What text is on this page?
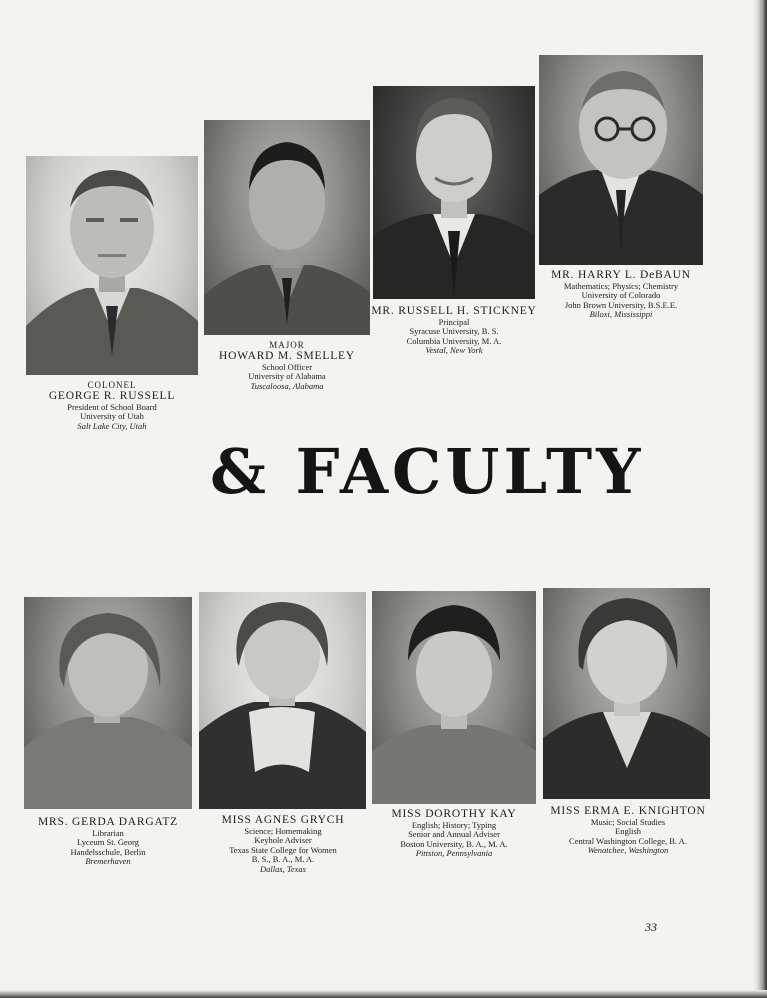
COLONEL
GEORGE R. RUSSELL
President of School Board
University of Utah
Salt Lake City, Utah
MAJOR
HOWARD M. SMELLEY
School Officer
University of Alabama
Tuscaloosa, Alabama
MR. RUSSELL H. STICKNEY
Principal
Syracuse University, B. S.
Columbia University, M. A.
Vestal, New York
MR. HARRY L. DeBAUN
Mathematics; Physics; Chemistry
University of Colorado
John Brown University, B.S.E.E.
Biloxi, Mississippi
& FACULTY
MRS. GERDA DARGATZ
Librarian
Lyceum St. Georg
Handelsschule, Berlin
Bremerhaven
MISS AGNES GRYCH
Science; Homemaking
Keyhole Adviser
Texas State College for Women
B. S., B. A., M. A.
Dallas, Texas
MISS DOROTHY KAY
English; History; Typing
Senior and Annual Adviser
Boston University, B. A., M. A.
Pittston, Pennsylvania
MISS ERMA E. KNIGHTON
Music; Social Studies
English
Central Washington College, B. A.
Wenatchee, Washington
33
